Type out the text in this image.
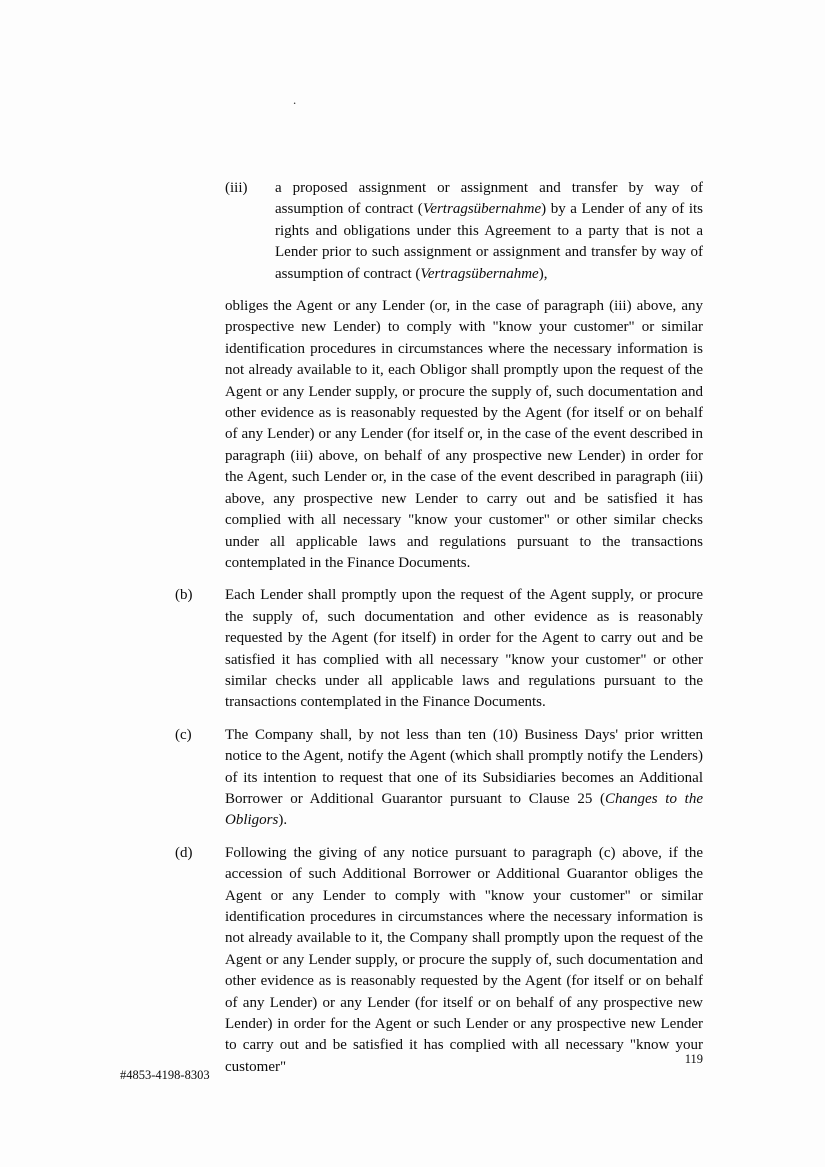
.
(iii)	a proposed assignment or assignment and transfer by way of assumption of contract (Vertragsübernahme) by a Lender of any of its rights and obligations under this Agreement to a party that is not a Lender prior to such assignment or assignment and transfer by way of assumption of contract (Vertragsübernahme),
obliges the Agent or any Lender (or, in the case of paragraph (iii) above, any prospective new Lender) to comply with "know your customer" or similar identification procedures in circumstances where the necessary information is not already available to it, each Obligor shall promptly upon the request of the Agent or any Lender supply, or procure the supply of, such documentation and other evidence as is reasonably requested by the Agent (for itself or on behalf of any Lender) or any Lender (for itself or, in the case of the event described in paragraph (iii) above, on behalf of any prospective new Lender) in order for the Agent, such Lender or, in the case of the event described in paragraph (iii) above, any prospective new Lender to carry out and be satisfied it has complied with all necessary "know your customer" or other similar checks under all applicable laws and regulations pursuant to the transactions contemplated in the Finance Documents.
(b)	Each Lender shall promptly upon the request of the Agent supply, or procure the supply of, such documentation and other evidence as is reasonably requested by the Agent (for itself) in order for the Agent to carry out and be satisfied it has complied with all necessary "know your customer" or other similar checks under all applicable laws and regulations pursuant to the transactions contemplated in the Finance Documents.
(c)	The Company shall, by not less than ten (10) Business Days' prior written notice to the Agent, notify the Agent (which shall promptly notify the Lenders) of its intention to request that one of its Subsidiaries becomes an Additional Borrower or Additional Guarantor pursuant to Clause 25 (Changes to the Obligors).
(d)	Following the giving of any notice pursuant to paragraph (c) above, if the accession of such Additional Borrower or Additional Guarantor obliges the Agent or any Lender to comply with "know your customer" or similar identification procedures in circumstances where the necessary information is not already available to it, the Company shall promptly upon the request of the Agent or any Lender supply, or procure the supply of, such documentation and other evidence as is reasonably requested by the Agent (for itself or on behalf of any Lender) or any Lender (for itself or on behalf of any prospective new Lender) in order for the Agent or such Lender or any prospective new Lender to carry out and be satisfied it has complied with all necessary "know your customer"	119
#4853-4198-8303
